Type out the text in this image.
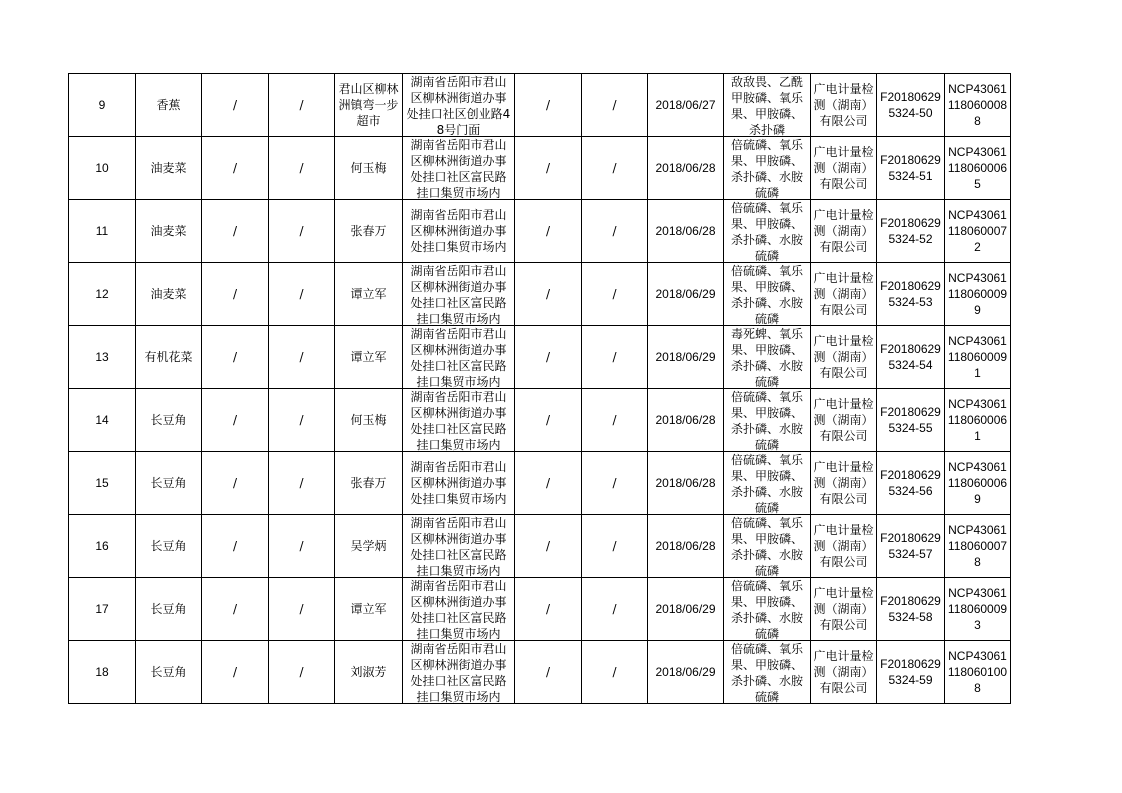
9	香蕉	/	/	君山区柳林洲镇弯一步超市	湖南省岳阳市君山区柳林洲街道办事处挂口社区创业路48号门面	/	/	2018/06/27	敌敌畏、乙酰甲胺磷、氧乐果、甲胺磷、杀扑磷	广电计量检测（湖南）有限公司	F201806295324-50	NCP430611180600088

10	油麦菜	/	/	何玉梅	湖南省岳阳市君山区柳林洲街道办事处挂口社区富民路挂口集贸市场内	/	/	2018/06/28	倍硫磷、氧乐果、甲胺磷、杀扑磷、水胺硫磷	广电计量检测（湖南）有限公司	F201806295324-51	NCP430611180600065

11	油麦菜	/	/	张春万	湖南省岳阳市君山区柳林洲街道办事处挂口集贸市场内	/	/	2018/06/28	倍硫磷、氧乐果、甲胺磷、杀扑磷、水胺硫磷	广电计量检测（湖南）有限公司	F201806295324-52	NCP430611180600072

12	油麦菜	/	/	谭立军	湖南省岳阳市君山区柳林洲街道办事处挂口社区富民路挂口集贸市场内	/	/	2018/06/29	倍硫磷、氧乐果、甲胺磷、杀扑磷、水胺硫磷	广电计量检测（湖南）有限公司	F201806295324-53	NCP430611180600099

13	有机花菜	/	/	谭立军	湖南省岳阳市君山区柳林洲街道办事处挂口社区富民路挂口集贸市场内	/	/	2018/06/29	毒死蜱、氧乐果、甲胺磷、杀扑磷、水胺硫磷	广电计量检测（湖南）有限公司	F201806295324-54	NCP430611180600091

14	长豆角	/	/	何玉梅	湖南省岳阳市君山区柳林洲街道办事处挂口社区富民路挂口集贸市场内	/	/	2018/06/28	倍硫磷、氧乐果、甲胺磷、杀扑磷、水胺硫磷	广电计量检测（湖南）有限公司	F201806295324-55	NCP430611180600061

15	长豆角	/	/	张春万	湖南省岳阳市君山区柳林洲街道办事处挂口集贸市场内	/	/	2018/06/28	倍硫磷、氧乐果、甲胺磷、杀扑磷、水胺硫磷	广电计量检测（湖南）有限公司	F201806295324-56	NCP430611180600069

16	长豆角	/	/	吴学炳	湖南省岳阳市君山区柳林洲街道办事处挂口社区富民路挂口集贸市场内	/	/	2018/06/28	倍硫磷、氧乐果、甲胺磷、杀扑磷、水胺硫磷	广电计量检测（湖南）有限公司	F201806295324-57	NCP430611180600078

17	长豆角	/	/	谭立军	湖南省岳阳市君山区柳林洲街道办事处挂口社区富民路挂口集贸市场内	/	/	2018/06/29	倍硫磷、氧乐果、甲胺磷、杀扑磷、水胺硫磷	广电计量检测（湖南）有限公司	F201806295324-58	NCP430611180600093

18	长豆角	/	/	刘淑芳	湖南省岳阳市君山区柳林洲街道办事处挂口社区富民路挂口集贸市场内	/	/	2018/06/29	倍硫磷、氧乐果、甲胺磷、杀扑磷、水胺硫磷	广电计量检测（湖南）有限公司	F201806295324-59	NCP430611180601008
